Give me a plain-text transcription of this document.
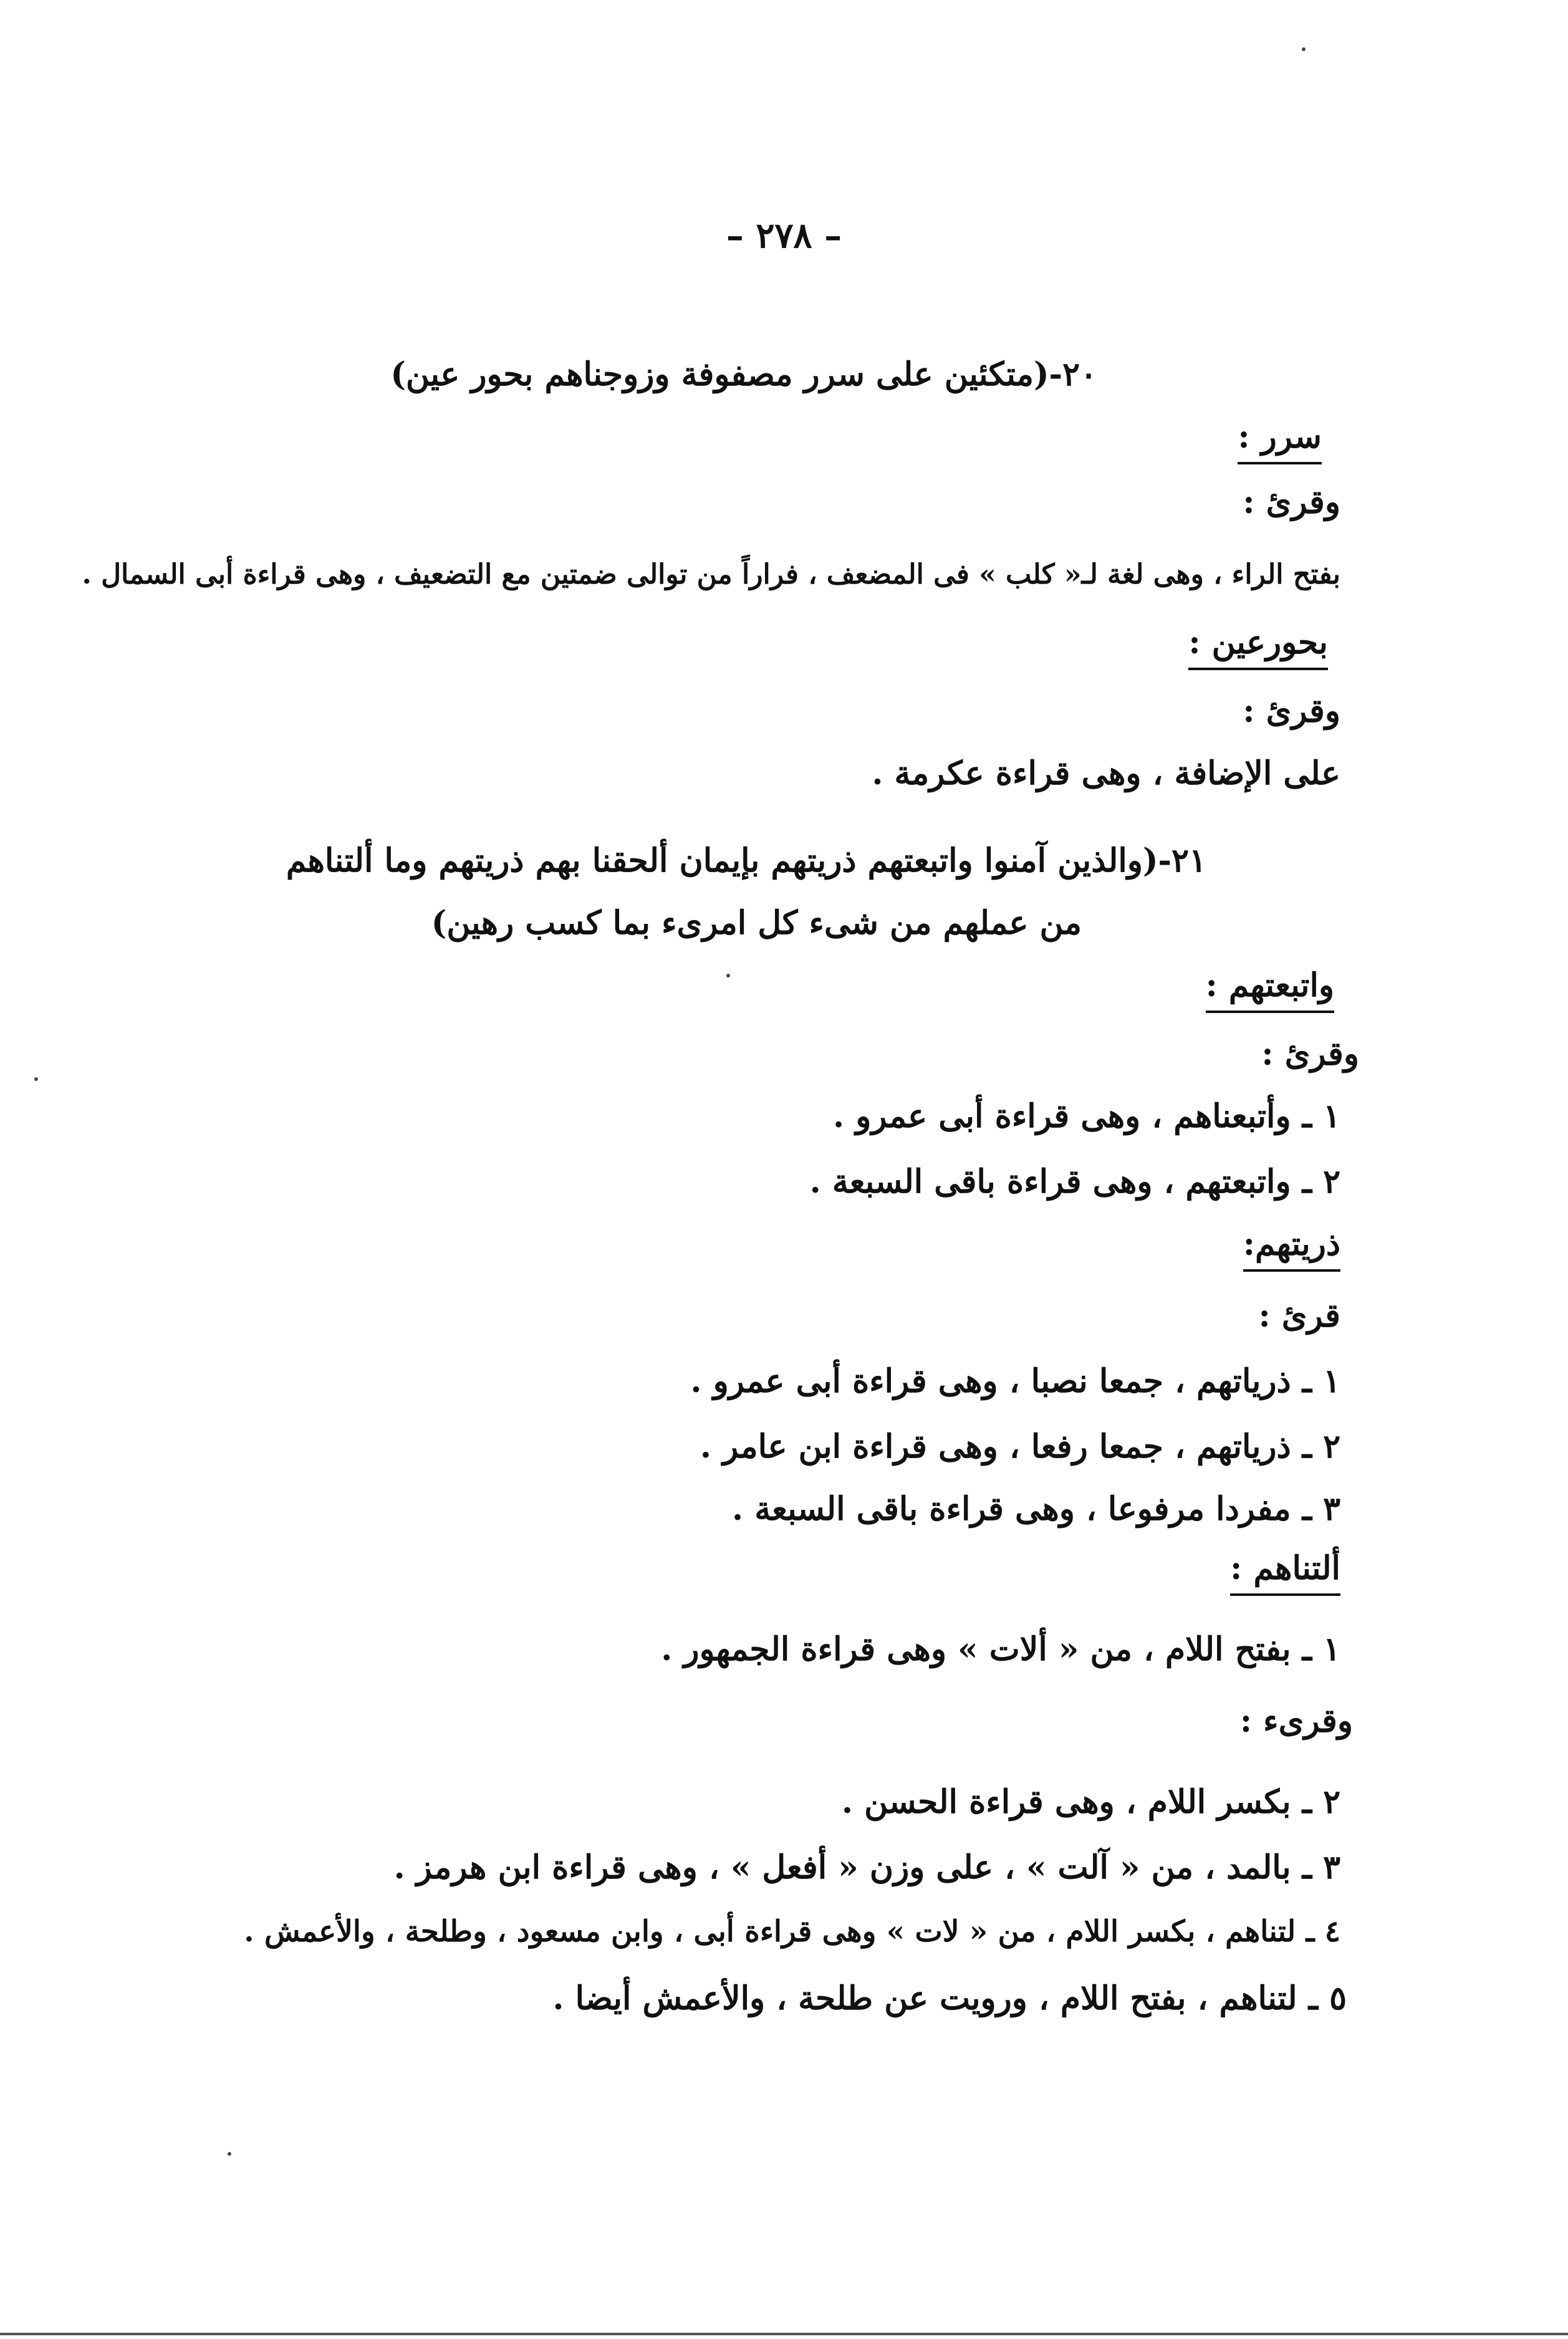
– ٢٧٨ –
٢٠-(متكئين على سرر مصفوفة وزوجناهم بحور عين)
سرر :
وقرئ :
بفتح الراء ، وهى لغة لـ« كلب » فى المضعف ، فراراً من توالى ضمتين مع التضعيف ، وهى قراءة أبى السمال .
بحورعين :
وقرئ :
على الإضافة ، وهى قراءة عكرمة .
٢١-(والذين آمنوا واتبعتهم ذريتهم بإيمان ألحقنا بهم ذريتهم وما ألتناهم
من عملهم من شىء كل امرىء بما كسب رهين)
واتبعتهم :
وقرئ :
١ ـ وأتبعناهم ، وهى قراءة أبى عمرو .
٢ ـ واتبعتهم ، وهى قراءة باقى السبعة .
ذريتهم:
قرئ :
١ ـ ذرياتهم ، جمعا نصبا ، وهى قراءة أبى عمرو .
٢ ـ ذرياتهم ، جمعا رفعا ، وهى قراءة ابن عامر .
٣ ـ مفردا مرفوعا ، وهى قراءة باقى السبعة .
ألتناهم :
١ ـ بفتح اللام ، من « ألات » وهى قراءة الجمهور .
وقرىء :
٢ ـ بكسر اللام ، وهى قراءة الحسن .
٣ ـ بالمد ، من « آلت » ، على وزن « أفعل » ، وهى قراءة ابن هرمز .
٤ ـ لتناهم ، بكسر اللام ، من « لات » وهى قراءة أبى ، وابن مسعود ، وطلحة ، والأعمش .
٥ ـ لتناهم ، بفتح اللام ، ورويت عن طلحة ، والأعمش أيضا .
